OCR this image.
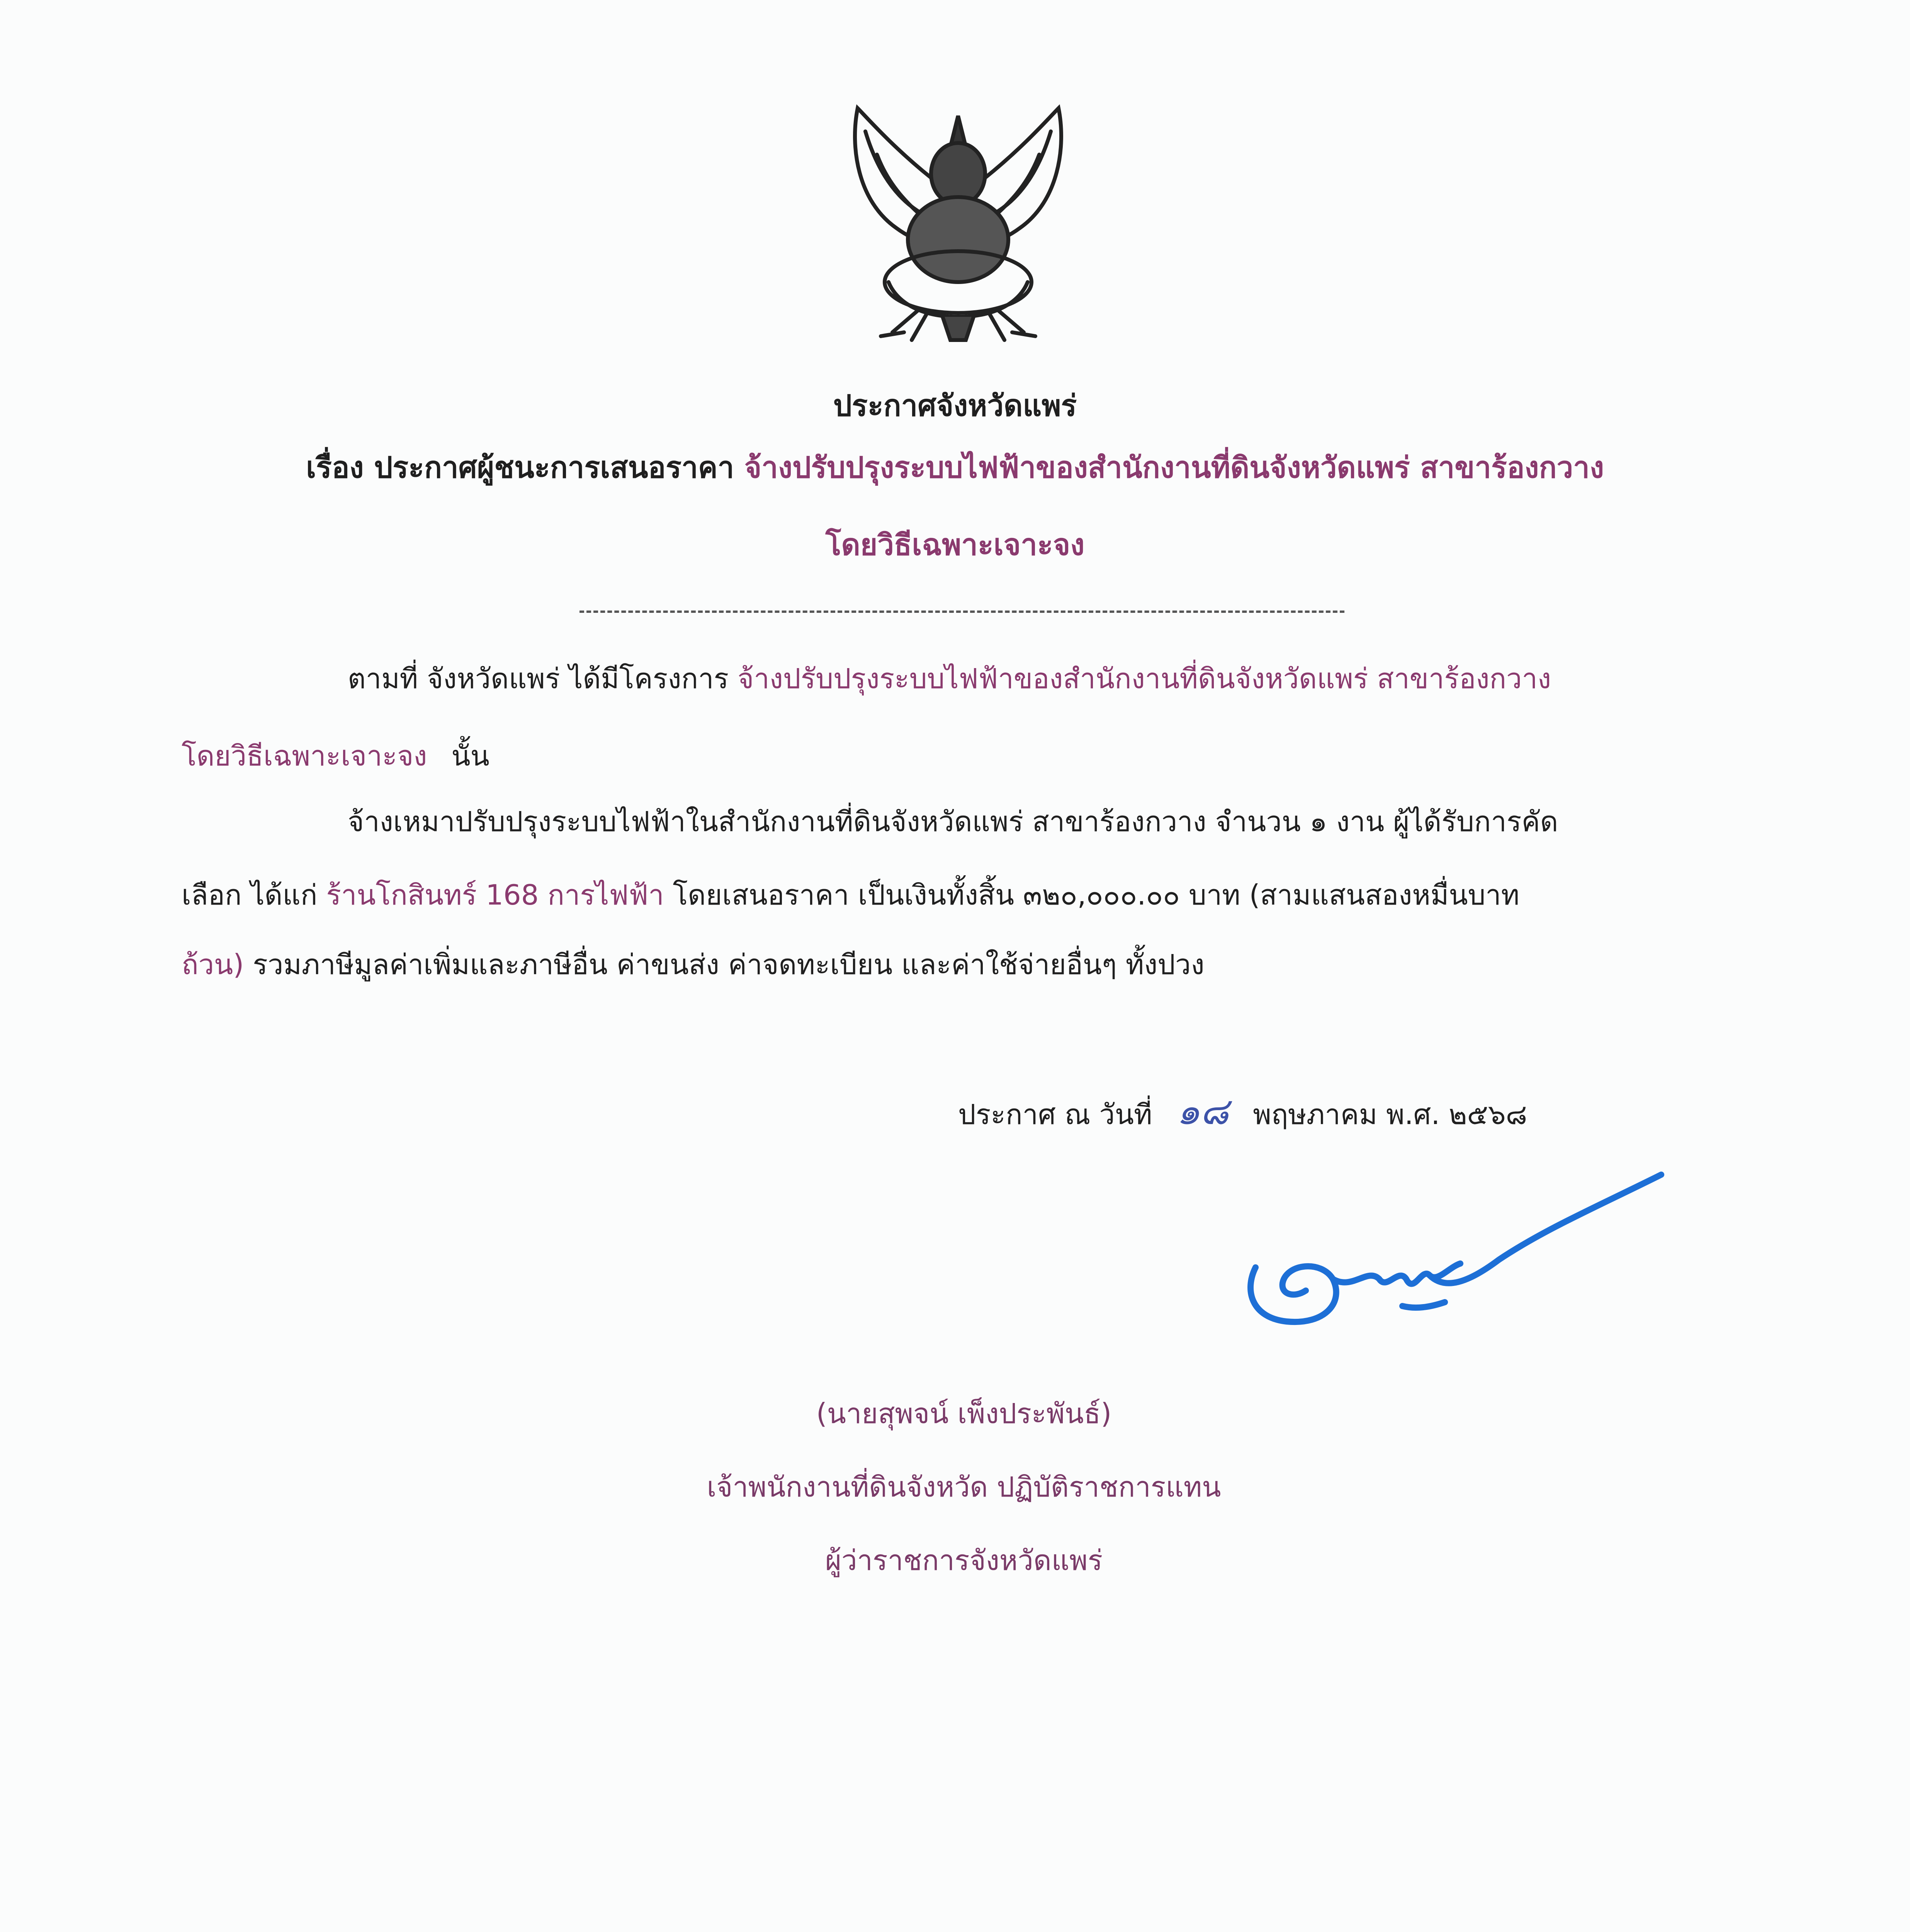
ประกาศจังหวัดแพร่
เรื่อง ประกาศผู้ชนะการเสนอราคา จ้างปรับปรุงระบบไฟฟ้าของสำนักงานที่ดินจังหวัดแพร่ สาขาร้องกวาง
โดยวิธีเฉพาะเจาะจง
ตามที่ จังหวัดแพร่ ได้มีโครงการ จ้างปรับปรุงระบบไฟฟ้าของสำนักงานที่ดินจังหวัดแพร่ สาขาร้องกวาง
โดยวิธีเฉพาะเจาะจง นั้น
จ้างเหมาปรับปรุงระบบไฟฟ้าในสำนักงานที่ดินจังหวัดแพร่ สาขาร้องกวาง จำนวน ๑ งาน ผู้ได้รับการคัด
เลือก ได้แก่ ร้านโกสินทร์ 168 การไฟฟ้า โดยเสนอราคา เป็นเงินทั้งสิ้น ๓๒๐,๐๐๐.๐๐ บาท (สามแสนสองหมื่นบาท
ถ้วน) รวมภาษีมูลค่าเพิ่มและภาษีอื่น ค่าขนส่ง ค่าจดทะเบียน และค่าใช้จ่ายอื่นๆ ทั้งปวง
ประกาศ ณ วันที่ ๑๘ พฤษภาคม พ.ศ. ๒๕๖๘
(นายสุพจน์ เพ็งประพันธ์)
เจ้าพนักงานที่ดินจังหวัด ปฏิบัติราชการแทน
ผู้ว่าราชการจังหวัดแพร่
